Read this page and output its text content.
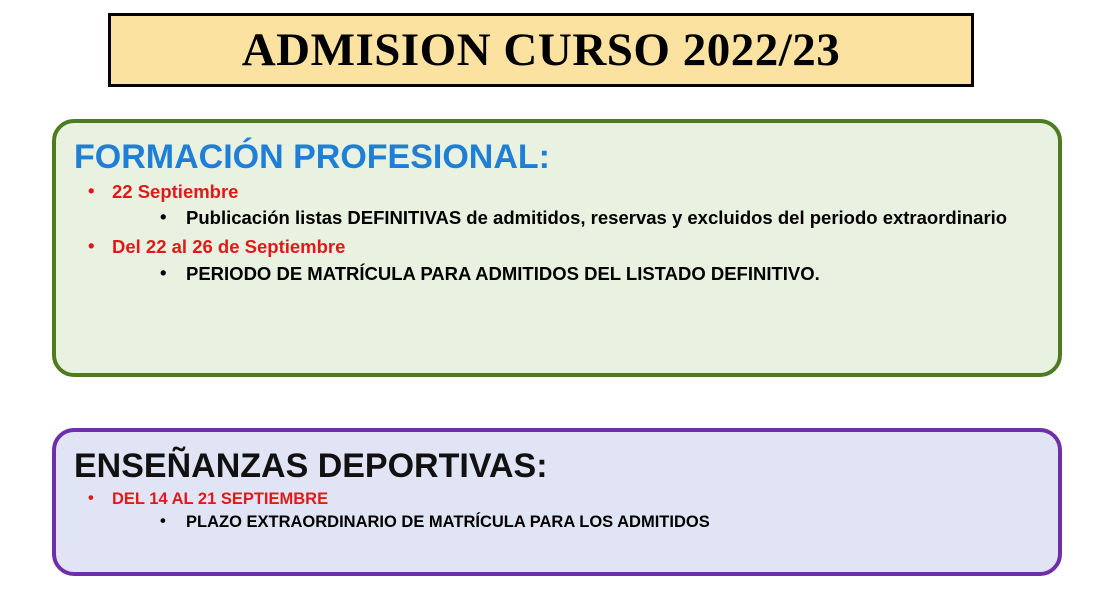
ADMISION CURSO 2022/23
FORMACIÓN PROFESIONAL:
• 22 Septiembre
• Publicación listas DEFINITIVAS de admitidos, reservas y excluidos del periodo extraordinario
• Del 22 al 26 de Septiembre
• PERIODO DE MATRÍCULA PARA ADMITIDOS DEL LISTADO DEFINITIVO.
ENSEÑANZAS DEPORTIVAS:
• DEL 14 AL 21 SEPTIEMBRE
• PLAZO EXTRAORDINARIO DE MATRÍCULA PARA LOS ADMITIDOS
